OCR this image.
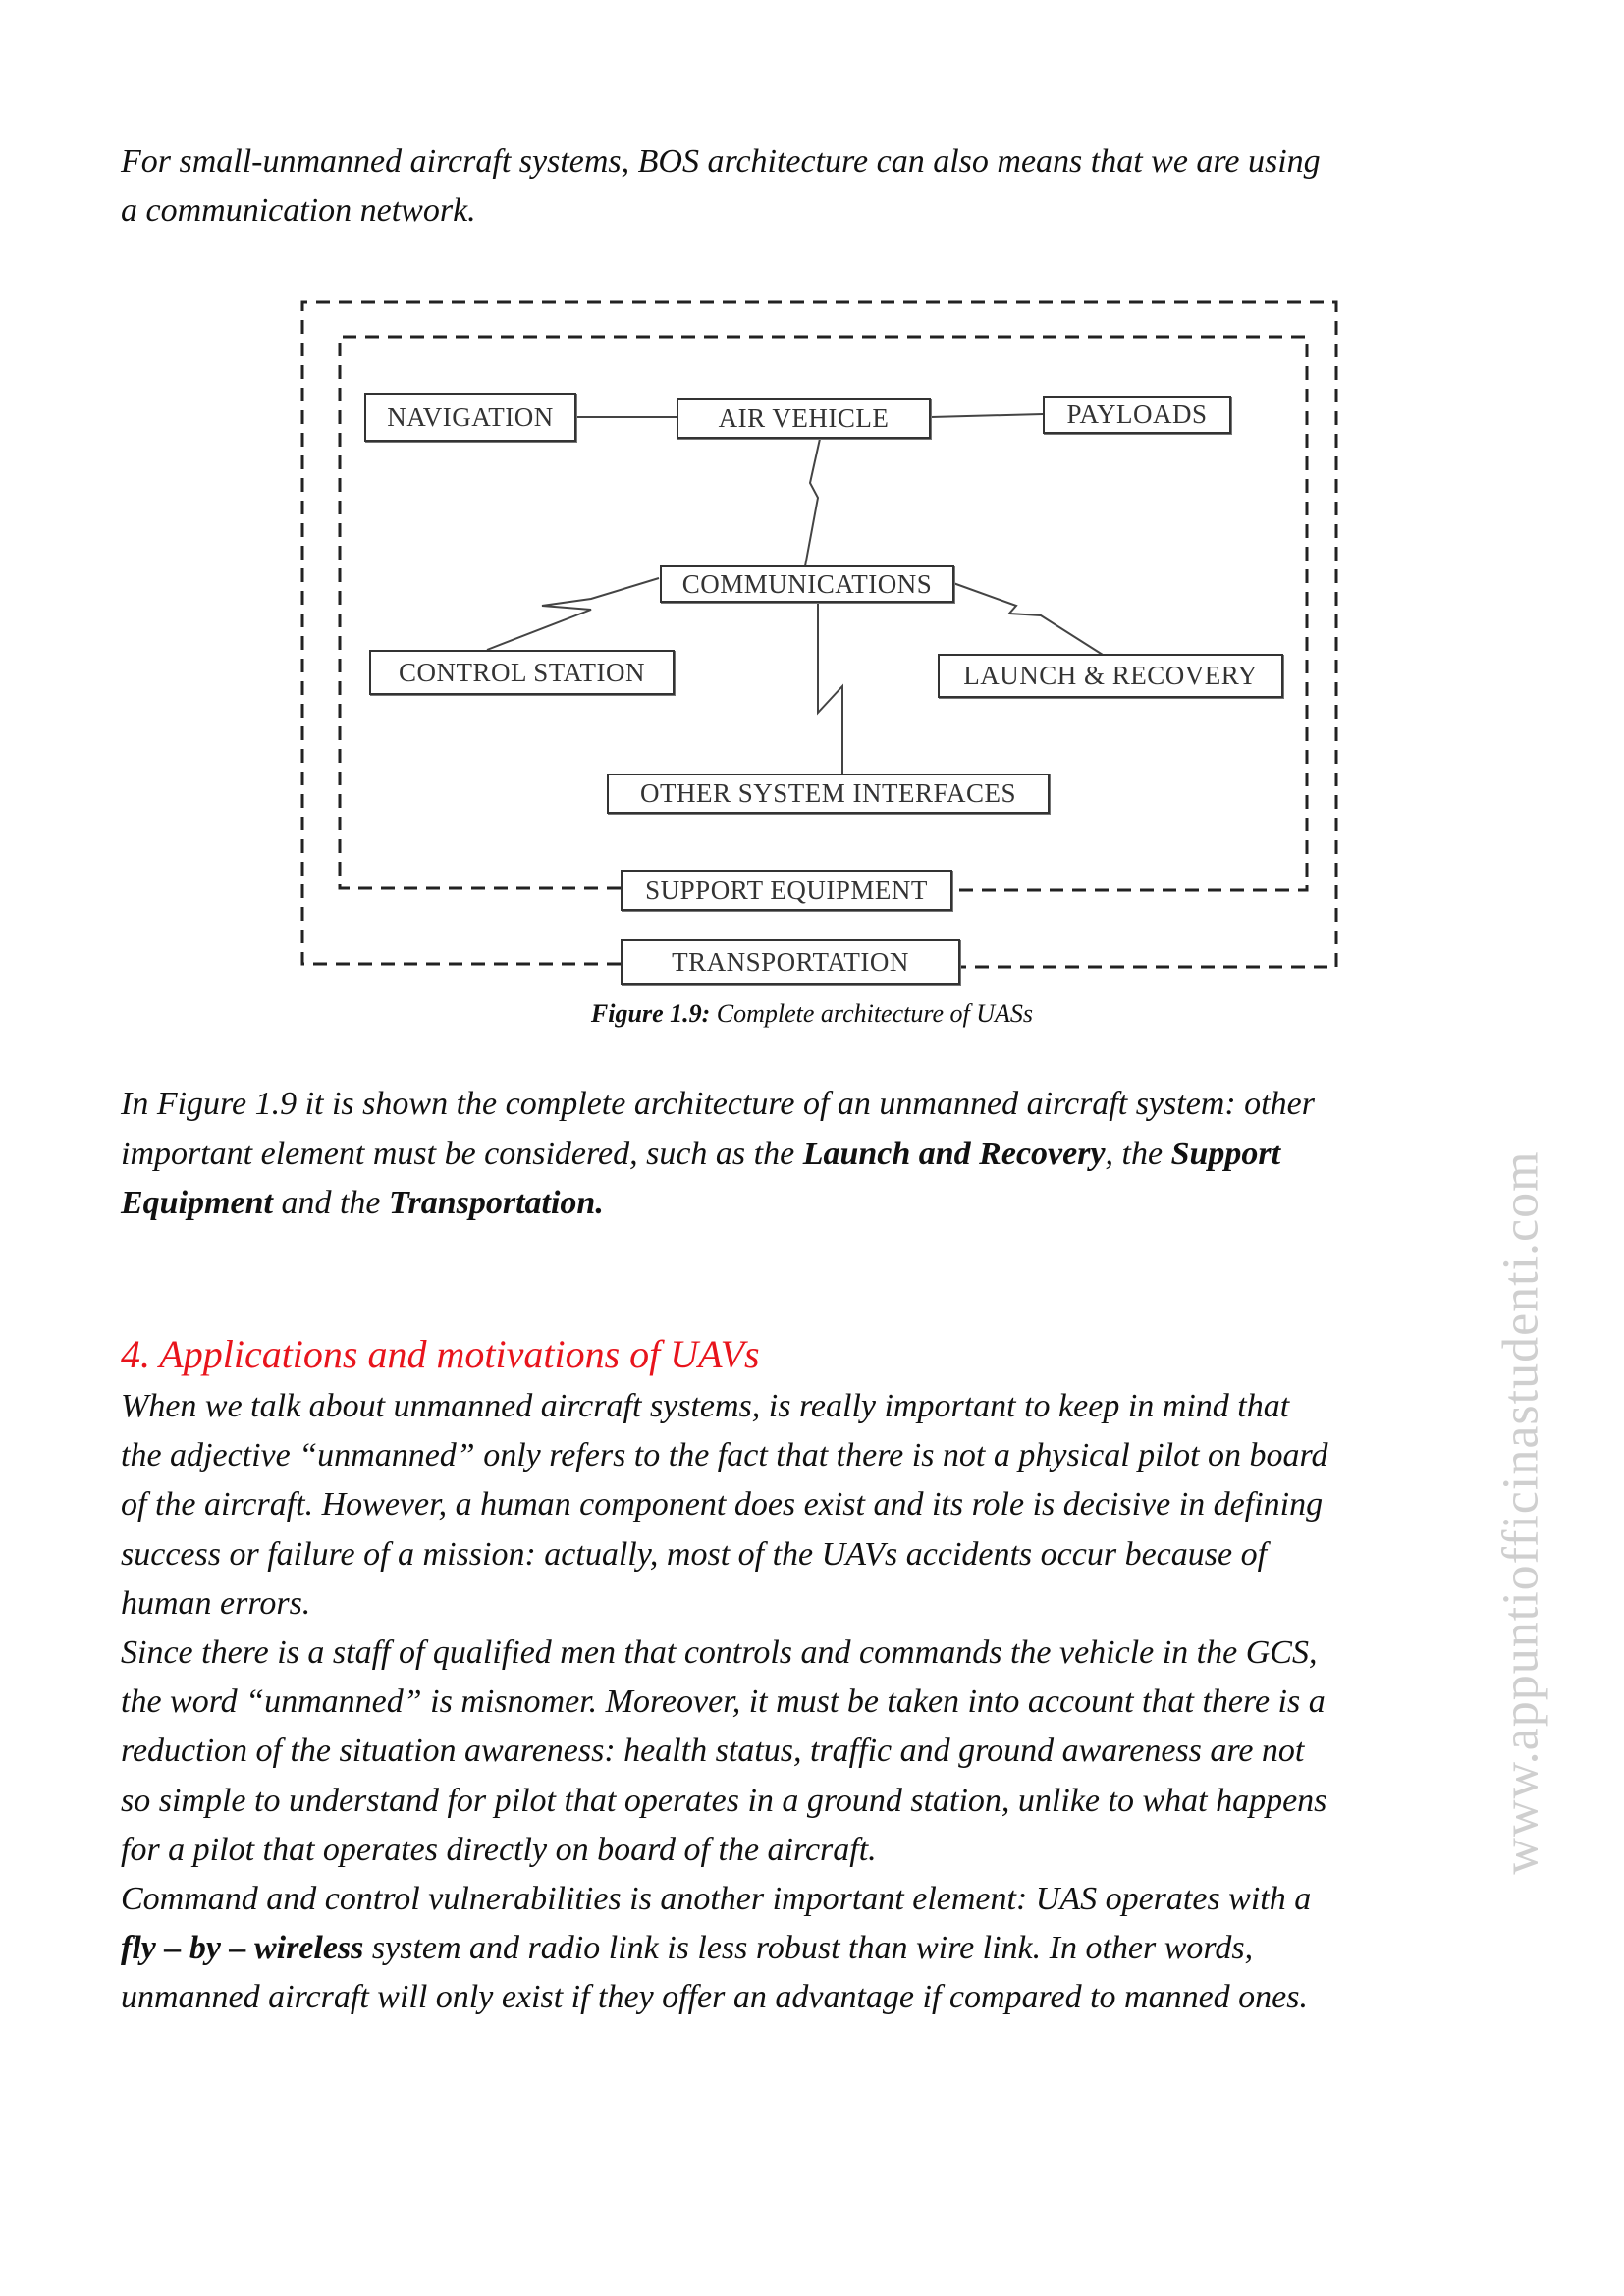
For small-unmanned aircraft systems, BOS architecture can also means that we are using
a communication network.
NAVIGATION	AIR VEHICLE	PAYLOADS
COMMUNICATIONS
CONTROL STATION	LAUNCH & RECOVERY
OTHER SYSTEM INTERFACES
SUPPORT EQUIPMENT
TRANSPORTATION
Figure 1.9: Complete architecture of UASs
In Figure 1.9 it is shown the complete architecture of an unmanned aircraft system: other
important element must be considered, such as the Launch and Recovery, the Support
Equipment and the Transportation.
4. Applications and motivations of UAVs
When we talk about unmanned aircraft systems, is really important to keep in mind that
the adjective “unmanned” only refers to the fact that there is not a physical pilot on board
of the aircraft. However, a human component does exist and its role is decisive in defining
success or failure of a mission: actually, most of the UAVs accidents occur because of
human errors.
Since there is a staff of qualified men that controls and commands the vehicle in the GCS,
the word “unmanned” is misnomer. Moreover, it must be taken into account that there is a
reduction of the situation awareness: health status, traffic and ground awareness are not
so simple to understand for pilot that operates in a ground station, unlike to what happens
for a pilot that operates directly on board of the aircraft.
Command and control vulnerabilities is another important element: UAS operates with a
fly – by – wireless system and radio link is less robust than wire link. In other words,
unmanned aircraft will only exist if they offer an advantage if compared to manned ones.
www.appuntiofficinastudenti.com
